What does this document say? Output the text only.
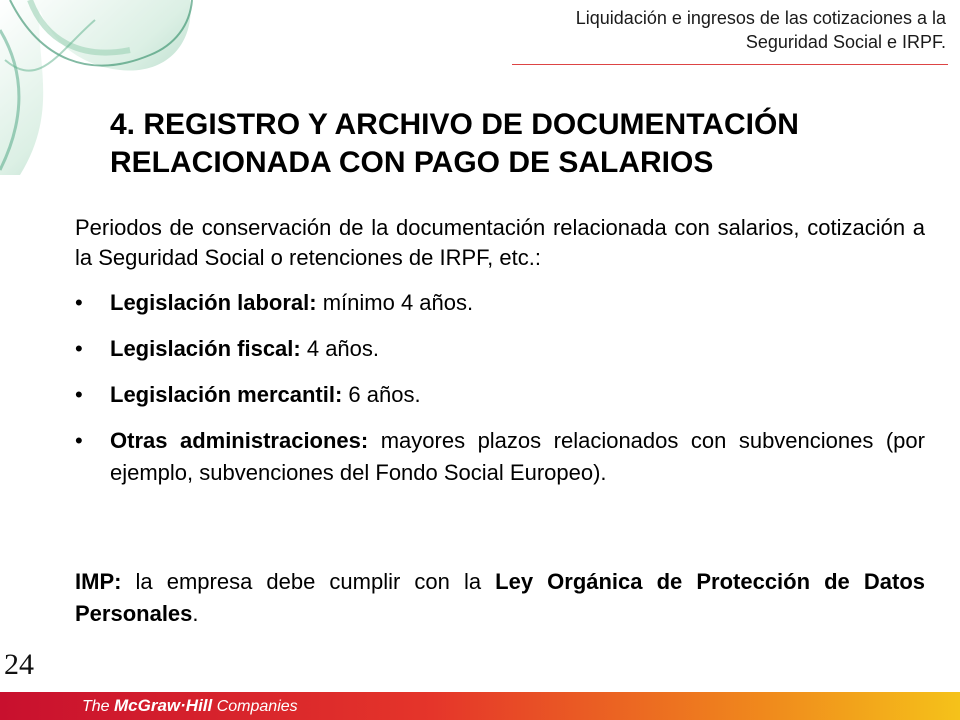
Liquidación e ingresos de las cotizaciones a la
Seguridad Social e IRPF.
4. REGISTRO Y ARCHIVO DE DOCUMENTACIÓN
RELACIONADA CON PAGO DE SALARIOS

Periodos de conservación de la documentación relacionada con salarios, cotización a la Seguridad Social o retenciones de IRPF, etc.:

• Legislación laboral: mínimo 4 años.
• Legislación fiscal: 4 años.
• Legislación mercantil: 6 años.
• Otras administraciones: mayores plazos relacionados con subvenciones (por ejemplo, subvenciones del Fondo Social Europeo).

IMP: la empresa debe cumplir con la Ley Orgánica de Protección de Datos Personales.

24
The McGraw·Hill Companies
